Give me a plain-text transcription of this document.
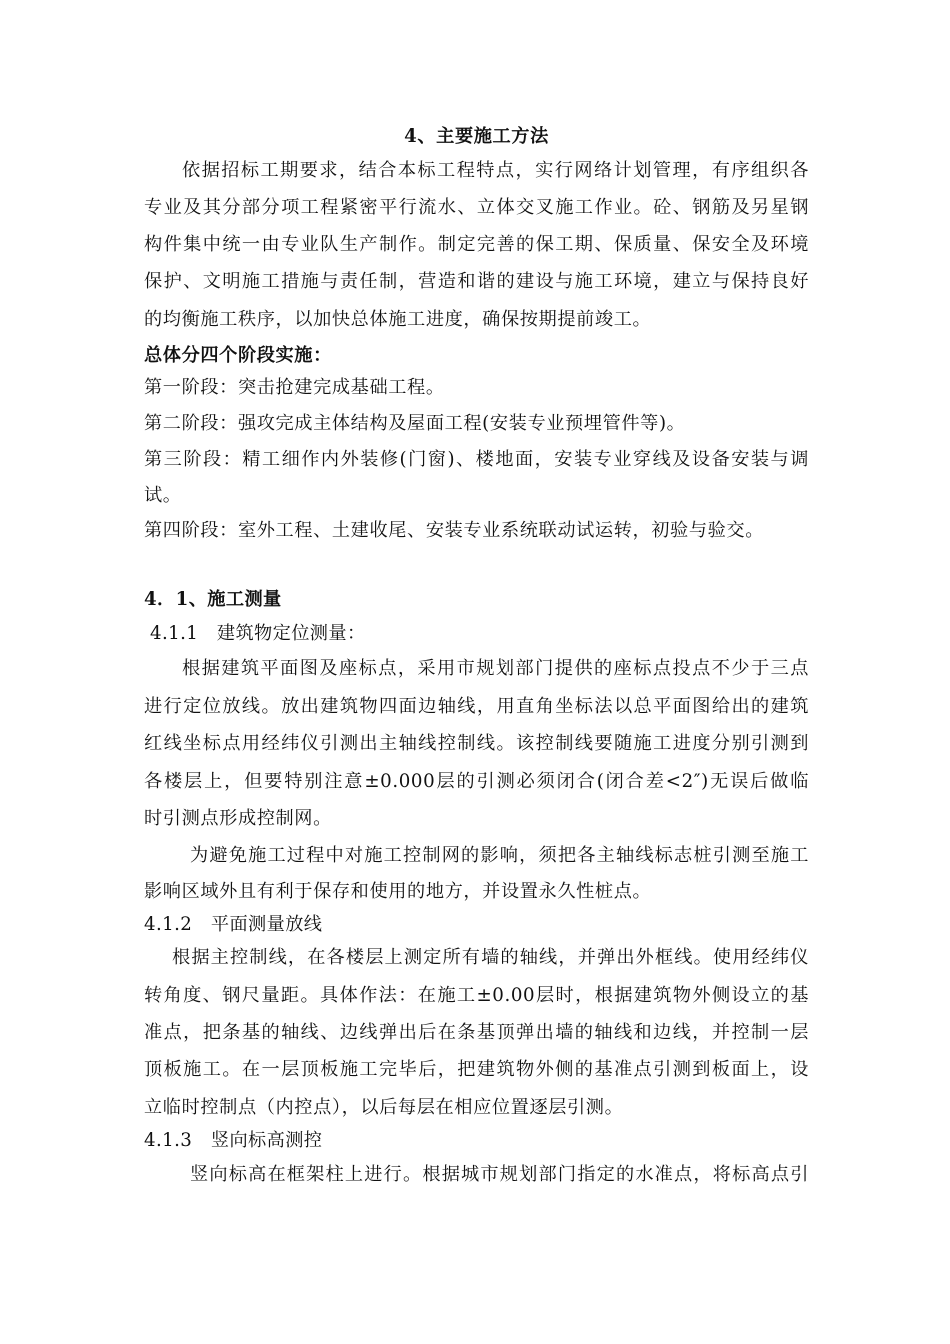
4、主要施工方法
依据招标工期要求，结合本标工程特点，实行网络计划管理，有序组织各
专业及其分部分项工程紧密平行流水、立体交叉施工作业。砼、钢筋及另星钢
构件集中统一由专业队生产制作。制定完善的保工期、保质量、保安全及环境
保护、文明施工措施与责任制，营造和谐的建设与施工环境，建立与保持良好
的均衡施工秩序，以加快总体施工进度，确保按期提前竣工。
总体分四个阶段实施：
第一阶段：突击抢建完成基础工程。
第二阶段：强攻完成主体结构及屋面工程(安装专业预埋管件等)。
第三阶段：精工细作内外装修(门窗)、楼地面，安装专业穿线及设备安装与调
试。
第四阶段：室外工程、土建收尾、安装专业系统联动试运转，初验与验交。
4．1、施工测量
4.1.1　建筑物定位测量：
根据建筑平面图及座标点，采用市规划部门提供的座标点投点不少于三点
进行定位放线。放出建筑物四面边轴线，用直角坐标法以总平面图给出的建筑
红线坐标点用经纬仪引测出主轴线控制线。该控制线要随施工进度分别引测到
各楼层上，但要特别注意±0.000层的引测必须闭合(闭合差<2″)无误后做临
时引测点形成控制网。
为避免施工过程中对施工控制网的影响，须把各主轴线标志桩引测至施工
影响区域外且有利于保存和使用的地方，并设置永久性桩点。
4.1.2　平面测量放线
根据主控制线，在各楼层上测定所有墙的轴线，并弹出外框线。使用经纬仪
转角度、钢尺量距。具体作法：在施工±0.00层时，根据建筑物外侧设立的基
准点，把条基的轴线、边线弹出后在条基顶弹出墙的轴线和边线，并控制一层
顶板施工。在一层顶板施工完毕后，把建筑物外侧的基准点引测到板面上，设
立临时控制点（内控点），以后每层在相应位置逐层引测。
4.1.3　竖向标高测控
竖向标高在框架柱上进行。根据城市规划部门指定的水准点，将标高点引
